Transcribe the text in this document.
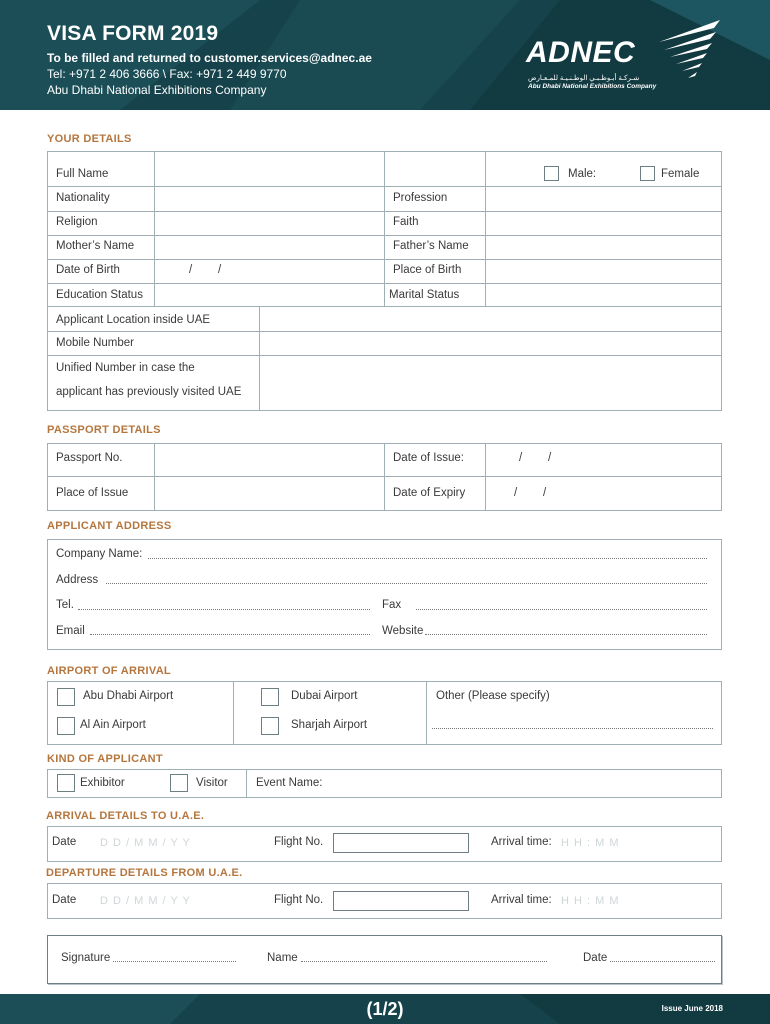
VISA FORM 2019
To be filled and returned to customer.services@adnec.ae
Tel: +971 2 406 3666 \ Fax: +971 2 449 9770
Abu Dhabi National Exhibitions Company
ADNEC
شـركـة أبـوظـبـي الوطـنـيـة للمـعـارض
Abu Dhabi National Exhibitions Company
YOUR DETAILS
Full Name	Male:	Female
Nationality	Profession
Religion	Faith
Mother’s Name	Father’s Name
Date of Birth	/ /	Place of Birth
Education Status	Marital Status
Applicant Location inside UAE
Mobile Number
Unified Number in case the
applicant has previously visited UAE
PASSPORT DETAILS
Passport No.	Date of Issue:	/ /
Place of Issue	Date of Expiry	/ /
APPLICANT ADDRESS
Company Name:
Address
Tel.	Fax
Email	Website
AIRPORT OF ARRIVAL
Abu Dhabi Airport	Dubai Airport	Other (Please specify)
Al Ain Airport	Sharjah Airport
KIND OF APPLICANT
Exhibitor	Visitor Event Name:
ARRIVAL DETAILS TO U.A.E.
Date D D / M M / Y Y	Flight No.	Arrival time: H H : M M
DEPARTURE DETAILS FROM U.A.E.
Date D D / M M / Y Y	Flight No.	Arrival time: H H : M M
Signature	Name	Date
(1/2)	Issue June 2018
